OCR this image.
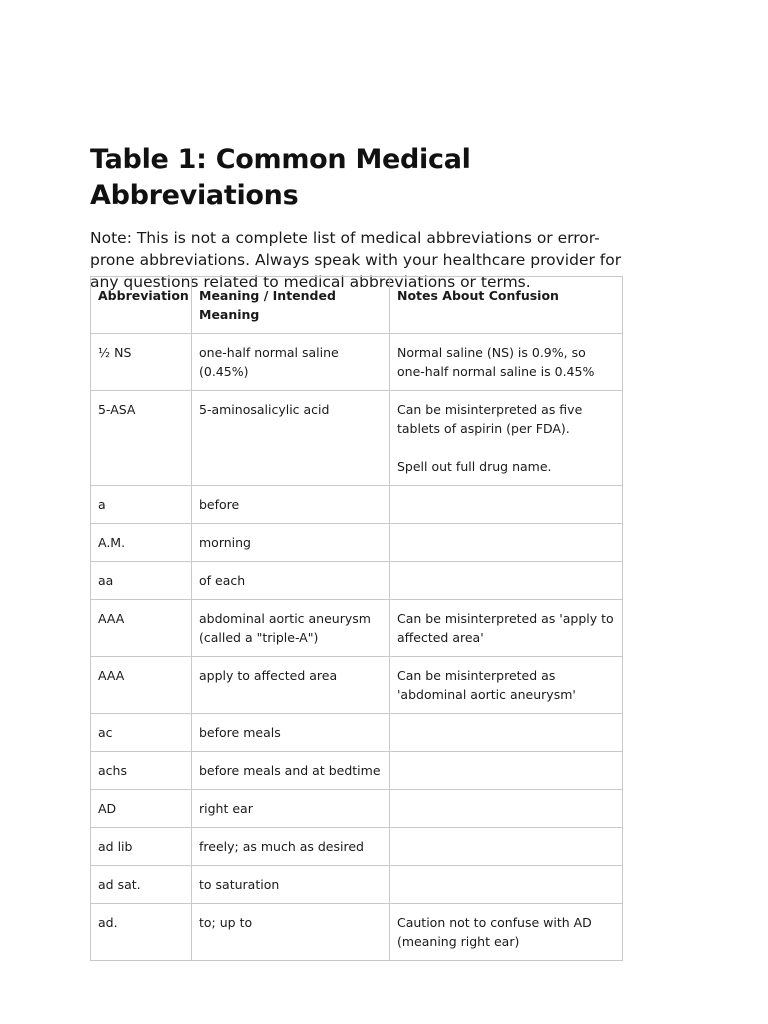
Table 1: Common Medical Abbreviations

Note: This is not a complete list of medical abbreviations or error-prone abbreviations. Always speak with your healthcare provider for any questions related to medical abbreviations or terms.

Abbreviation	Meaning / Intended Meaning	Notes About Confusion
½ NS	one-half normal saline (0.45%)	Normal saline (NS) is 0.9%, so one-half normal saline is 0.45%

5-ASA	5-aminosalicylic acid	Can be misinterpreted as five tablets of aspirin (per FDA).
Spell out full drug name.

a	before	
A.M.	morning	
aa	of each	
AAA	abdominal aortic aneurysm (called a "triple-A")	Can be misinterpreted as 'apply to affected area'

AAA	apply to affected area	Can be misinterpreted as 'abdominal aortic aneurysm'

ac	before meals	
achs	before meals and at bedtime	
AD	right ear	
ad lib	freely; as much as desired	
ad sat.	to saturation	
ad.	to; up to	Caution not to confuse with AD (meaning right ear)
